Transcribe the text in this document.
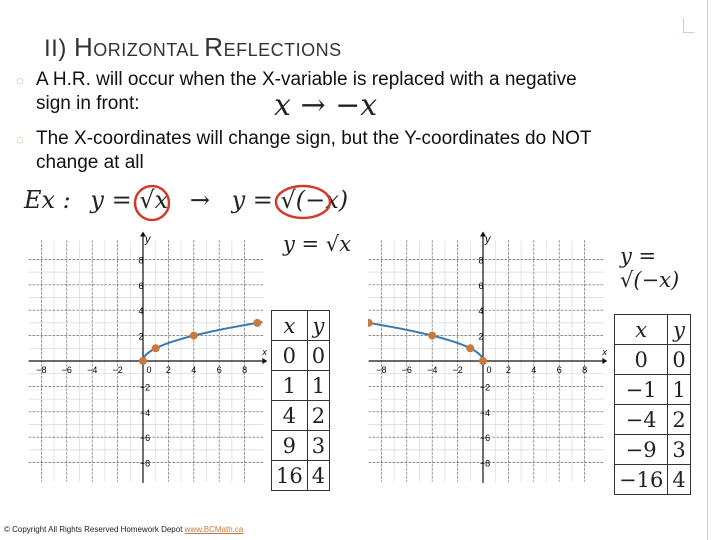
II) HORIZONTAL REFLECTIONS
◌ A H.R. will occur when the X-variable is replaced with a negative
sign in front:	x → −x
◌ The X-coordinates will change sign, but the Y-coordinates do NOT
change at all
Ex : y = √x → y = √(−x)
y
x
−8 −6 −4 −2	0 2 4 6 8
8
6
4
2
−2
−4
−6
−8
y
x
−8 −6 −4 −2	0 2 4 6 8
8
6
4
2
−2
−4
−6
−8
y = √x	y = √(−x)
x	y
0	0
1	1
4	2
9	3
16	4
x	y
0	0
−1	1
−4	2
−9	3
−16	4
© Copyright All Rights Reserved Homework Depot www.BCMath.ca
